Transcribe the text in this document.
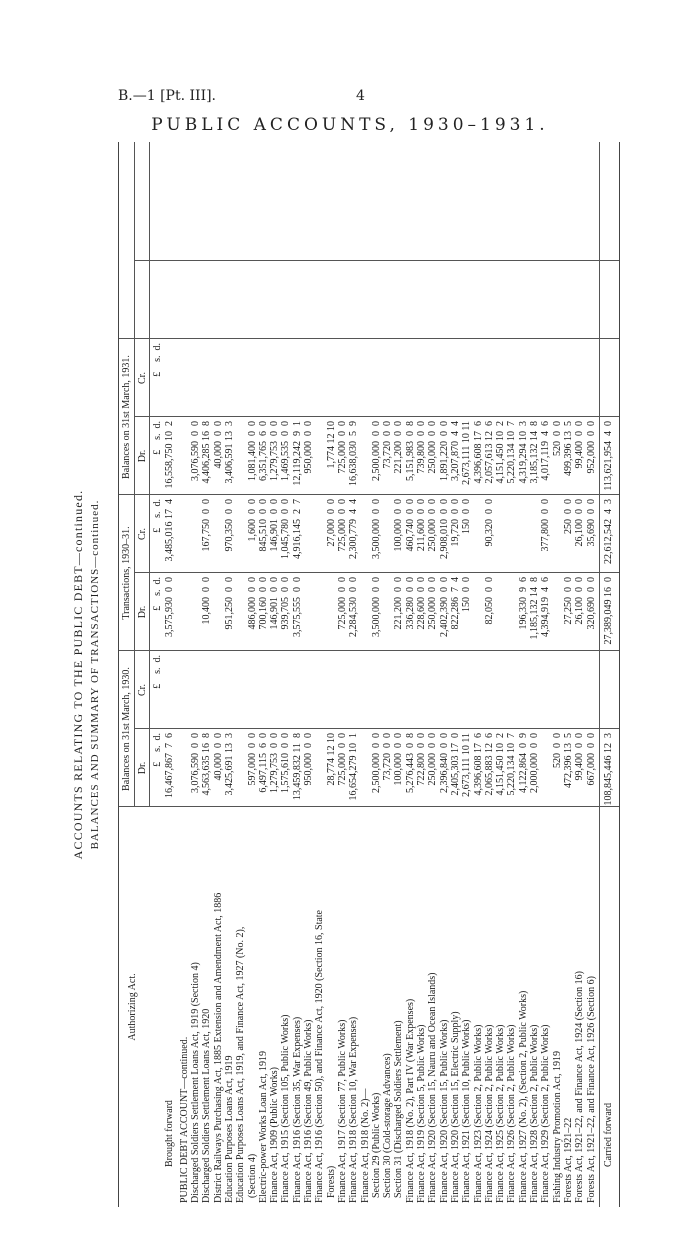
B.—1 [Pt. III].	4
PUBLIC ACCOUNTS, 1930–1931.
ACCOUNTS RELATING TO THE PUBLIC DEBT—continued. BALANCES AND SUMMARY OF TRANSACTIONS—continued.
Authorizing Act.
Balances on 31st March, 1930.
Transactions, 1930–31.
Balances on 31st March, 1931.
Dr.
Cr.
Dr.
Cr.
Dr.
Cr.
£    s.  d.
£    s.  d.
£    s.  d.
£    s.  d.
£    s.  d.
£    s.  d.
Brought forward
16,467,867  7  6
3,575,930  0  0
3,485,016 17  4
16,558,750 10  2
PUBLIC DEBT ACCOUNT—continued. Discharged Soldiers Settlement Loans Act, 1919 (Section 4)
3,076,590  0  0
3,076,590  0  0
Discharged Soldiers Settlement Loans Act, 1920
4,563,635 16  8
10,400  0  0
167,750  0  0
4,406,285 16  8
District Railways Purchasing Act, 1885 Extension and Amendment Act, 1886
40,000  0  0
40,000  0  0
Education Purposes Loans Act, 1919
3,425,691 13  3
951,250  0  0
970,350  0  0
3,406,591 13  3
Education Purposes Loans Act, 1919, and Finance Act, 1927 (No. 2), (Section 4)
597,000  0  0
486,000  0  0
1,600  0  0
1,081,400  0  0
Electric-power Works Loan Act, 1919
6,497,115  6  0
700,160  0  0
845,510  0  0
6,351,765  6  0
Finance Act, 1909 (Public Works)
1,279,753  0  0
146,901  0  0
146,901  0  0
1,279,753  0  0
Finance Act, 1915 (Section 105, Public Works)
1,575,610  0  0
939,705  0  0
1,045,780  0  0
1,469,535  0  0
Finance Act, 1916 (Section 35, War Expenses)
13,459,832 11  8
3,575,555  0  0
4,916,145  2  7
12,119,242  9  1
Finance Act, 1916 (Section 49, Public Works)
950,000  0  0
950,000  0  0
Finance Act, 1916 (Section 50), and Finance Act, 1920 (Section 16, State Forests)
28,774 12 10
27,000  0  0
1,774 12 10
Finance Act, 1917 (Section 77, Public Works)
725,000  0  0
725,000  0  0
725,000  0  0
725,000  0  0
Finance Act, 1918 (Section 10, War Expenses)
16,654,279 10  1
2,284,530  0  0
2,300,779  4  4
16,638,030  5  9
Finance Act, 1918 (No. 2)— Section 29 (Public Works)
2,500,000  0  0
3,500,000  0  0
3,500,000  0  0
2,500,000  0  0
Section 30 (Cold-storage Advances)
73,720  0  0
73,720  0  0
Section 31 (Discharged Soldiers Settlement)
100,000  0  0
221,200  0  0
100,000  0  0
221,200  0  0
Finance Act, 1918 (No. 2), Part IV (War Expenses)
5,276,443  0  8
336,280  0  0
460,740  0  0
5,151,983  0  8
Finance Act, 1919 (Section 5, Public Works)
722,800  0  0
228,600  0  0
211,600  0  0
739,800  0  0
Finance Act, 1920 (Section 15, Nauru and Ocean Islands)
250,000  0  0
250,000  0  0
250,000  0  0
250,000  0  0
Finance Act, 1920 (Section 15, Public Works)
2,396,840  0  0
2,402,390  0  0
2,908,010  0  0
1,891,220  0  0
Finance Act, 1920 (Section 15, Electric Supply)
2,405,303 17  0
822,286  7  4
19,720  0  0
3,207,870  4  4
Finance Act, 1921 (Section 10, Public Works)
2,673,111 10 11
150  0  0
150  0  0
2,673,111 10 11
Finance Act, 1923 (Section 2, Public Works)
4,396,608 17  6
4,396,608 17  6
Finance Act, 1924 (Section 2, Public Works)
2,065,883 12  6
82,050  0  0
90,320  0  0
2,057,613 12  6
Finance Act, 1925 (Section 2, Public Works)
4,151,450 10  2
4,151,450 10  2
Finance Act, 1926 (Section 2, Public Works)
5,220,134 10  7
5,220,134 10  7
Finance Act, 1927 (No. 2), (Section 2, Public Works)
4,122,864  0  9
196,330  9  6
4,319,294 10  3
Finance Act, 1928 (Section 2, Public Works)
2,000,000  0  0
1,185,132 14  8
3,185,132 14  8
Finance Act, 1929 (Section 2, Public Works)
4,394,919  4  6
377,800  0  0
4,017,119  4  6
Fishing Industry Promotion Act, 1919
520  0  0
520  0  0
Forests Act, 1921–22
472,396 13  5
27,250  0  0
250  0  0
499,396 13  5
Forests Act, 1921–22, and Finance Act, 1924 (Section 16)
99,400  0  0
26,100  0  0
26,100  0  0
99,400  0  0
Forests Act, 1921–22, and Finance Act, 1926 (Section 6)
667,000  0  0
320,690  0  0
35,690  0  0
952,000  0  0
Carried forward
108,845,446 12  3
27,389,049 16  0
22,612,542  4  3
113,621,954  4  0
